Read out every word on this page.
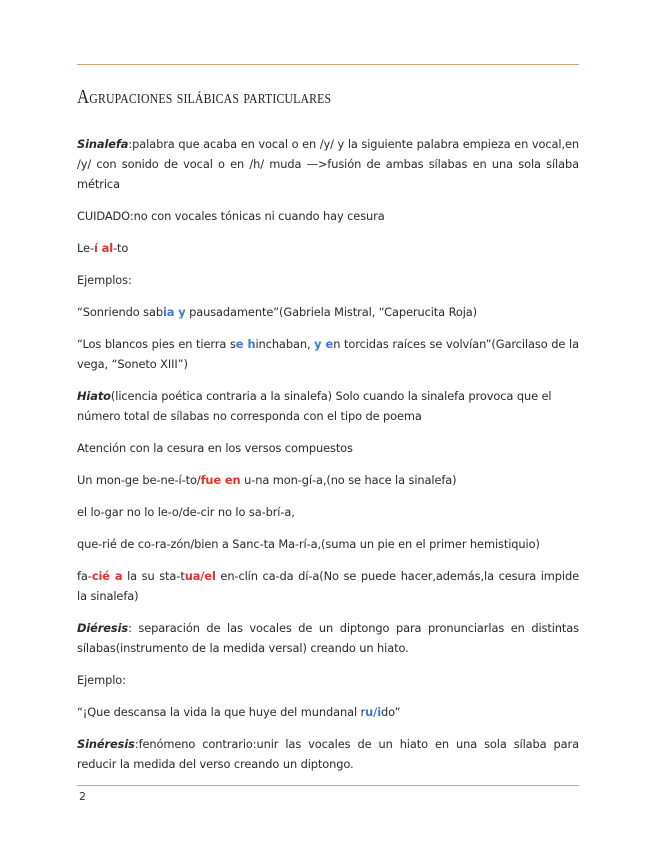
Agrupaciones silábicas particulares

Sinalefa:palabra que acaba en vocal o en /y/ y la siguiente palabra empieza en vocal,en /y/ con sonido de vocal o en /h/ muda —>fusión de ambas sílabas en una sola sílaba métrica

CUIDADO:no con vocales tónicas ni cuando hay cesura

Le-í al-to

Ejemplos:

“Sonriendo sabia y pausadamente”(Gabriela Mistral, “Caperucita Roja)

“Los blancos pies en tierra se hinchaban, y en torcidas raíces se volvían”(Garcilaso de la vega, “Soneto XIII”)

Hiato(licencia poética contraria a la sinalefa) Solo cuando la sinalefa provoca que el número total de sílabas no corresponda con el tipo de poema

Atención con la cesura en los versos compuestos

Un mon-ge be-ne-í-to/fue en u-na mon-gí-a,(no se hace la sinalefa)

el lo-gar no lo le-o/de-cir no lo sa-brí-a,

que-rié de co-ra-zón/bien a Sanc-ta Ma-rí-a,(suma un pie en el primer hemistiquio)

fa-cié a la su sta-tua/el en-clín ca-da dí-a(No se puede hacer,además,la cesura impide la sinalefa)

Diéresis: separación de las vocales de un diptongo para pronunciarlas en distintas sílabas(instrumento de la medida versal) creando un hiato.

Ejemplo:

“¡Que descansa la vida la que huye del mundanal ru/ido”

Sinéresis:fenómeno contrario:unir las vocales de un hiato en una sola sílaba para reducir la medida del verso creando un diptongo.

2
